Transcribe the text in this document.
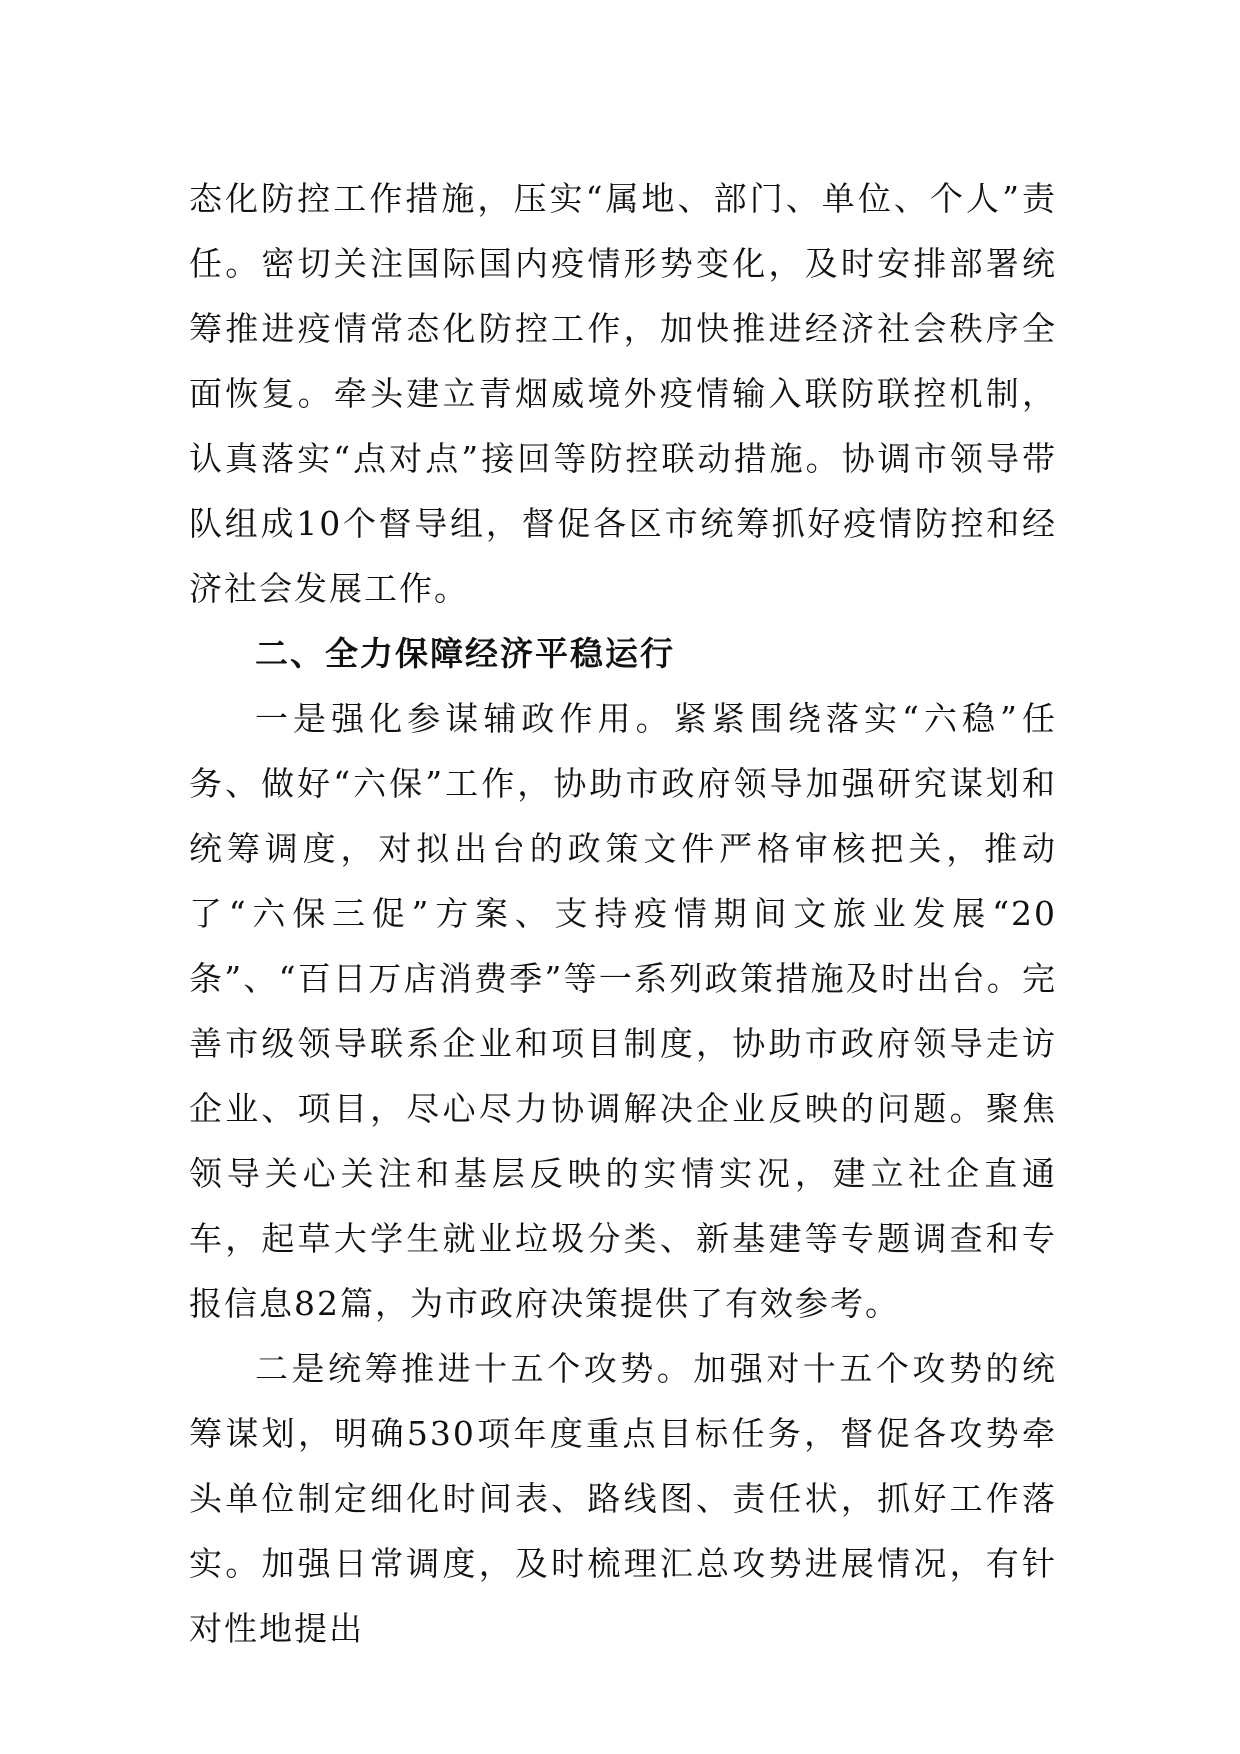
态化防控工作措施，压实“属地、部门、单位、个人”责任。密切关注国际国内疫情形势变化，及时安排部署统筹推进疫情常态化防控工作，加快推进经济社会秩序全面恢复。牵头建立青烟威境外疫情输入联防联控机制，认真落实“点对点”接回等防控联动措施。协调市领导带队组成10个督导组，督促各区市统筹抓好疫情防控和经济社会发展工作。

二、全力保障经济平稳运行

一是强化参谋辅政作用。紧紧围绕落实“六稳”任务、做好“六保”工作，协助市政府领导加强研究谋划和统筹调度，对拟出台的政策文件严格审核把关，推动了“六保三促”方案、支持疫情期间文旅业发展“20条”、“百日万店消费季”等一系列政策措施及时出台。完善市级领导联系企业和项目制度，协助市政府领导走访企业、项目，尽心尽力协调解决企业反映的问题。聚焦领导关心关注和基层反映的实情实况，建立社企直通车，起草大学生就业垃圾分类、新基建等专题调查和专报信息82篇，为市政府决策提供了有效参考。

二是统筹推进十五个攻势。加强对十五个攻势的统筹谋划，明确530项年度重点目标任务，督促各攻势牵头单位制定细化时间表、路线图、责任状，抓好工作落实。加强日常调度，及时梳理汇总攻势进展情况，有针对性地提出
